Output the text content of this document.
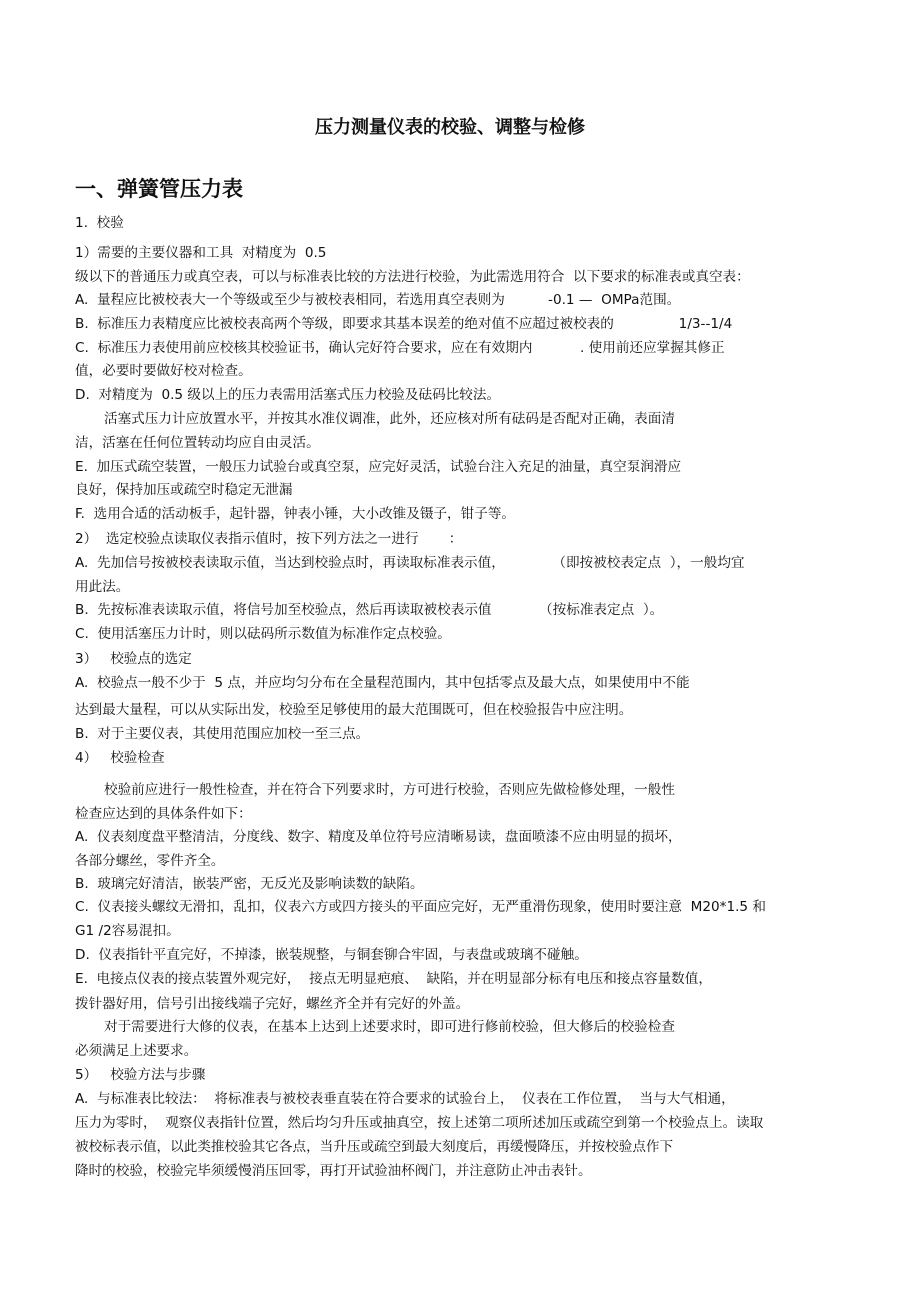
压力测量仪表的校验、调整与检修
一、弹簧管压力表
1.  校验
1）需要的主要仪器和工具  对精度为  0.5
级以下的普通压力或真空表，可以与标准表比较的方法进行校验，为此需选用符合  以下要求的标准表或真空表：
A.  量程应比被校表大一个等级或至少与被校表相同，若选用真空表则为          -0.1 —  OMPa范围。
B.  标准压力表精度应比被校表高两个等级，即要求其基本误差的绝对值不应超过被校表的               1/3--1/4
C.  标准压力表使用前应校核其校验证书，确认完好符合要求，应在有效期内           . 使用前还应掌握其修正
值，必要时要做好校对检查。
D.  对精度为  0.5 级以上的压力表需用活塞式压力校验及砝码比较法。
活塞式压力计应放置水平，并按其水准仪调准，此外，还应核对所有砝码是否配对正确，表面清
洁，活塞在任何位置转动均应自由灵活。
E.  加压式疏空装置，一般压力试验台或真空泵，应完好灵活，试验台注入充足的油量，真空泵润滑应
良好，保持加压或疏空时稳定无泄漏
F.  选用合适的活动板手，起针器，钟表小锤，大小改锥及镊子，钳子等。
2）  选定校验点读取仪表指示值时，按下列方法之一进行       ：
A.  先加信号按被校表读取示值，当达到校验点时，再读取标准表示值，           （即按被校表定点  ），一般均宜
用此法。
B.  先按标准表读取示值，将信号加至校验点，然后再读取被校表示值           （按标准表定点  ）。
C.  使用活塞压力计时，则以砝码所示数值为标准作定点校验。
3）   校验点的选定
A.  校验点一般不少于  5 点，并应均匀分布在全量程范围内，其中包括零点及最大点，如果使用中不能
达到最大量程，可以从实际出发，校验至足够使用的最大范围既可，但在校验报告中应注明。
B.  对于主要仪表，其使用范围应加校一至三点。
4）   校验检查
校验前应进行一般性检查，并在符合下列要求时，方可进行校验，否则应先做检修处理，一般性
检查应达到的具体条件如下：
A.  仪表刻度盘平整清洁，分度线、数字、精度及单位符号应清晰易读，盘面喷漆不应由明显的损坏，
各部分螺丝，零件齐全。
B.  玻璃完好清洁，嵌装严密，无反光及影响读数的缺陷。
C.  仪表接头螺纹无滑扣，乱扣，仪表六方或四方接头的平面应完好，无严重滑伤现象，使用时要注意  M20*1.5 和
G1 /2容易混扣。
D.  仪表指针平直完好，不掉漆，嵌装规整，与铜套铆合牢固，与表盘或玻璃不碰触。
E.  电接点仪表的接点装置外观完好，  接点无明显疤痕、  缺陷，并在明显部分标有电压和接点容量数值，
拨针器好用，信号引出接线端子完好，螺丝齐全并有完好的外盖。
对于需要进行大修的仪表，在基本上达到上述要求时，即可进行修前校验，但大修后的校验检查
必须满足上述要求。
5）   校验方法与步骤
A.  与标准表比较法：  将标准表与被校表垂直装在符合要求的试验台上，  仪表在工作位置，  当与大气相通，
压力为零时，  观察仪表指针位置，然后均匀升压或抽真空，按上述第二项所述加压或疏空到第一个校验点上。读取
被校标表示值，以此类推校验其它各点，当升压或疏空到最大刻度后，再缓慢降压，并按校验点作下
降时的校验，校验完毕须缓慢消压回零，再打开试验油杯阀门，并注意防止冲击表针。
